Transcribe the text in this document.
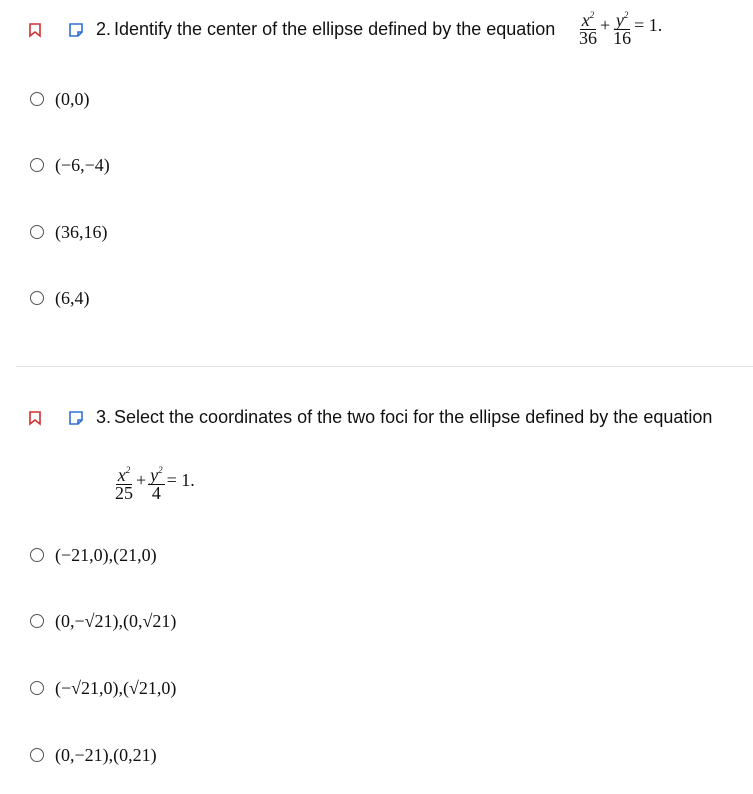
2. Identify the center of the ellipse defined by the equation $\frac{x^2}{36} + \frac{y^2}{16} = 1$.
(0,0)
(−6,−4)
(36,16)
(6,4)
3. Select the coordinates of the two foci for the ellipse defined by the equation
$\frac{x^2}{25} + \frac{y^2}{4} = 1$.
(−21,0),(21,0)
(0,−√21),(0,√21)
(−√21,0),(√21,0)
(0,−21),(0,21)
